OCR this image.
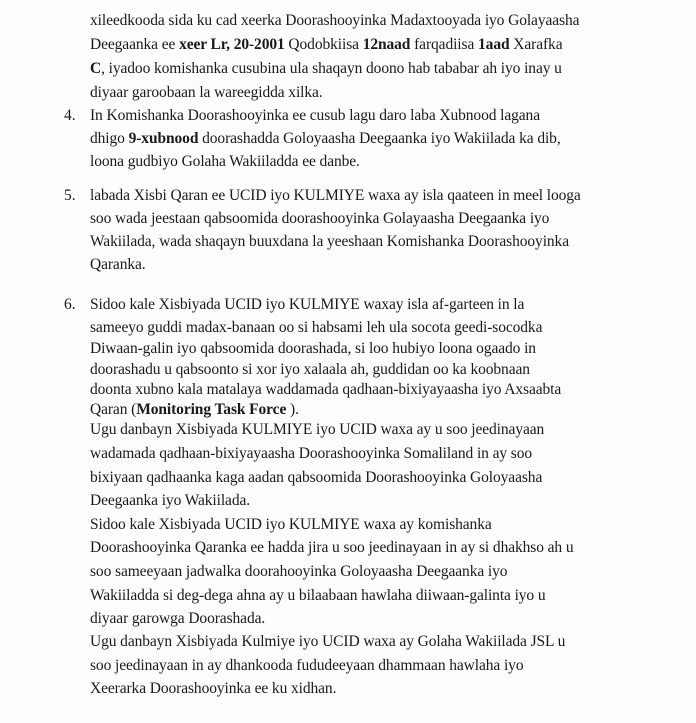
xileedkooda sida ku cad xeerka Doorashooyinka Madaxtooyada iyo Golayaasha
Deegaanka ee xeer Lr, 20-2001 Qodobkiisa 12naad farqadiisa 1aad Xarafka
C, iyadoo komishanka cusubina ula shaqayn doono hab tababar ah iyo inay u
diyaar garoobaan la wareegidda xilka.
4. In Komishanka Doorashooyinka ee cusub lagu daro laba Xubnood lagana
dhigo 9-xubnood doorashadda Goloyaasha Deegaanka iyo Wakiilada ka dib,
loona gudbiyo Golaha Wakiiladda ee danbe.
5. labada Xisbi Qaran ee UCID iyo KULMIYE waxa ay isla qaateen in meel looga
soo wada jeestaan qabsoomida doorashooyinka Golayaasha Deegaanka iyo
Wakiilada, wada shaqayn buuxdana la yeeshaan Komishanka Doorashooyinka
Qaranka.
6. Sidoo kale Xisbiyada UCID iyo KULMIYE waxay isla af-garteen in la
sameeyo guddi madax-banaan oo si habsami leh ula socota geedi-socodka
Diwaan-galin iyo qabsoomida doorashada, si loo hubiyo loona ogaado in
doorashadu u qabsoonto si xor iyo xalaala ah, guddidan oo ka koobnaan
doonta xubno kala matalaya waddamada qadhaan-bixiyayaasha iyo Axsaabta
Qaran (Monitoring Task Force ).
Ugu danbayn Xisbiyada KULMIYE iyo UCID waxa ay u soo jeedinayaan
wadamada qadhaan-bixiyayaasha Doorashooyinka Somaliland in ay soo
bixiyaan qadhaanka kaga aadan qabsoomida Doorashooyinka Goloyaasha
Deegaanka iyo Wakiilada.
Sidoo kale Xisbiyada UCID iyo KULMIYE waxa ay komishanka
Doorashooyinka Qaranka ee hadda jira u soo jeedinayaan in ay si dhakhso ah u
soo sameeyaan jadwalka doorahooyinka Goloyaasha Deegaanka iyo
Wakiiladda si deg-dega ahna ay u bilaabaan hawlaha diiwaan-galinta iyo u
diyaar garowga Doorashada.
Ugu danbayn Xisbiyada Kulmiye iyo UCID waxa ay Golaha Wakiilada JSL u
soo jeedinayaan in ay dhankooda fududeeyaan dhammaan hawlaha iyo
Xeerarka Doorashooyinka ee ku xidhan.
